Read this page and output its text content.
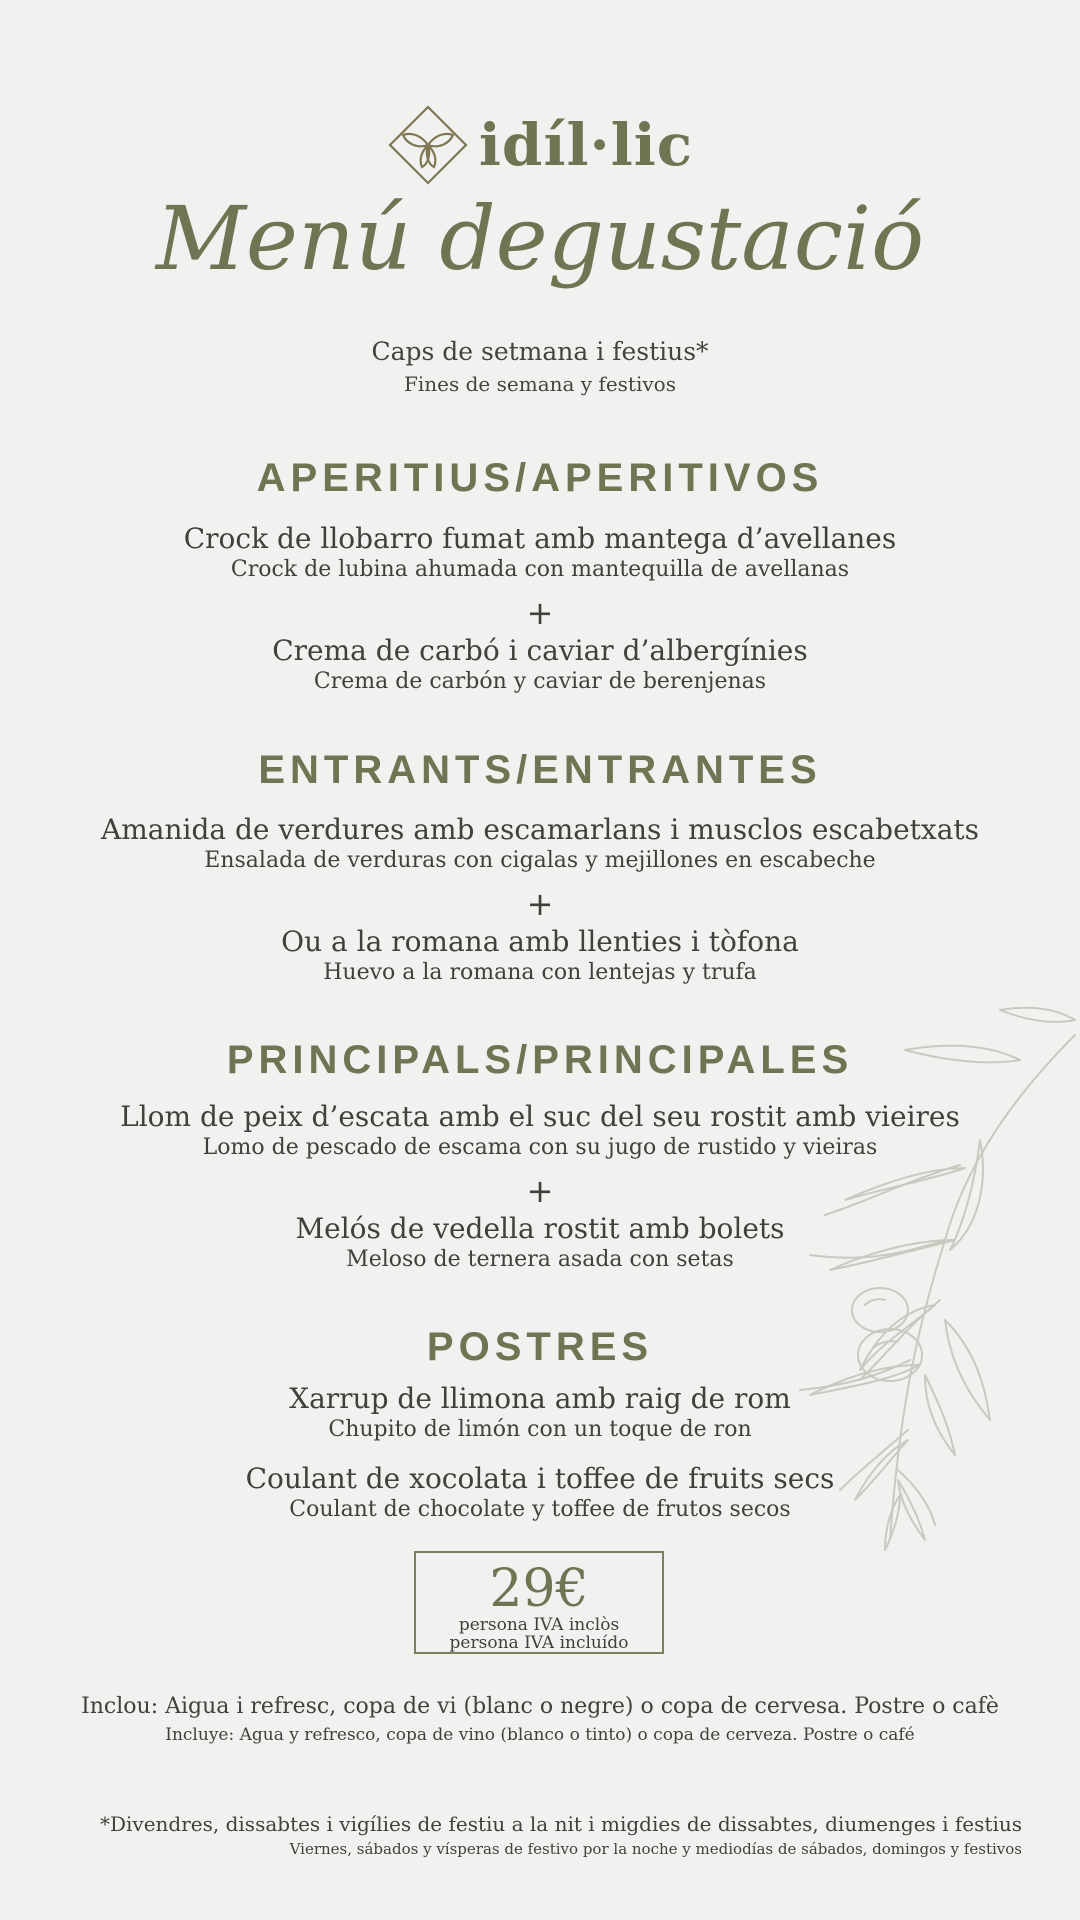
idíl·lic
Menú degustació
Caps de setmana i festius*
Fines de semana y festivos
APERITIUS/APERITIVOS
Crock de llobarro fumat amb mantega d’avellanes
Crock de lubina ahumada con mantequilla de avellanas
+
Crema de carbó i caviar d’albergínies
Crema de carbón y caviar de berenjenas
ENTRANTS/ENTRANTES
Amanida de verdures amb escamarlans i musclos escabetxats
Ensalada de verduras con cigalas y mejillones en escabeche
+
Ou a la romana amb llenties i tòfona
Huevo a la romana con lentejas y trufa
PRINCIPALS/PRINCIPALES
Llom de peix d’escata amb el suc del seu rostit amb vieires
Lomo de pescado de escama con su jugo de rustido y vieiras
+
Melós de vedella rostit amb bolets
Meloso de ternera asada con setas
POSTRES
Xarrup de llimona amb raig de rom
Chupito de limón con un toque de ron
Coulant de xocolata i toffee de fruits secs
Coulant de chocolate y toffee de frutos secos
29€
persona IVA inclòs
persona IVA incluído
Inclou: Aigua i refresc, copa de vi (blanc o negre) o copa de cervesa. Postre o cafè
Incluye: Agua y refresco, copa de vino (blanco o tinto) o copa de cerveza. Postre o café
*Divendres, dissabtes i vigílies de festiu a la nit i migdies de dissabtes, diumenges i festius
Viernes, sábados y vísperas de festivo por la noche y mediodías de sábados, domingos y festivos
